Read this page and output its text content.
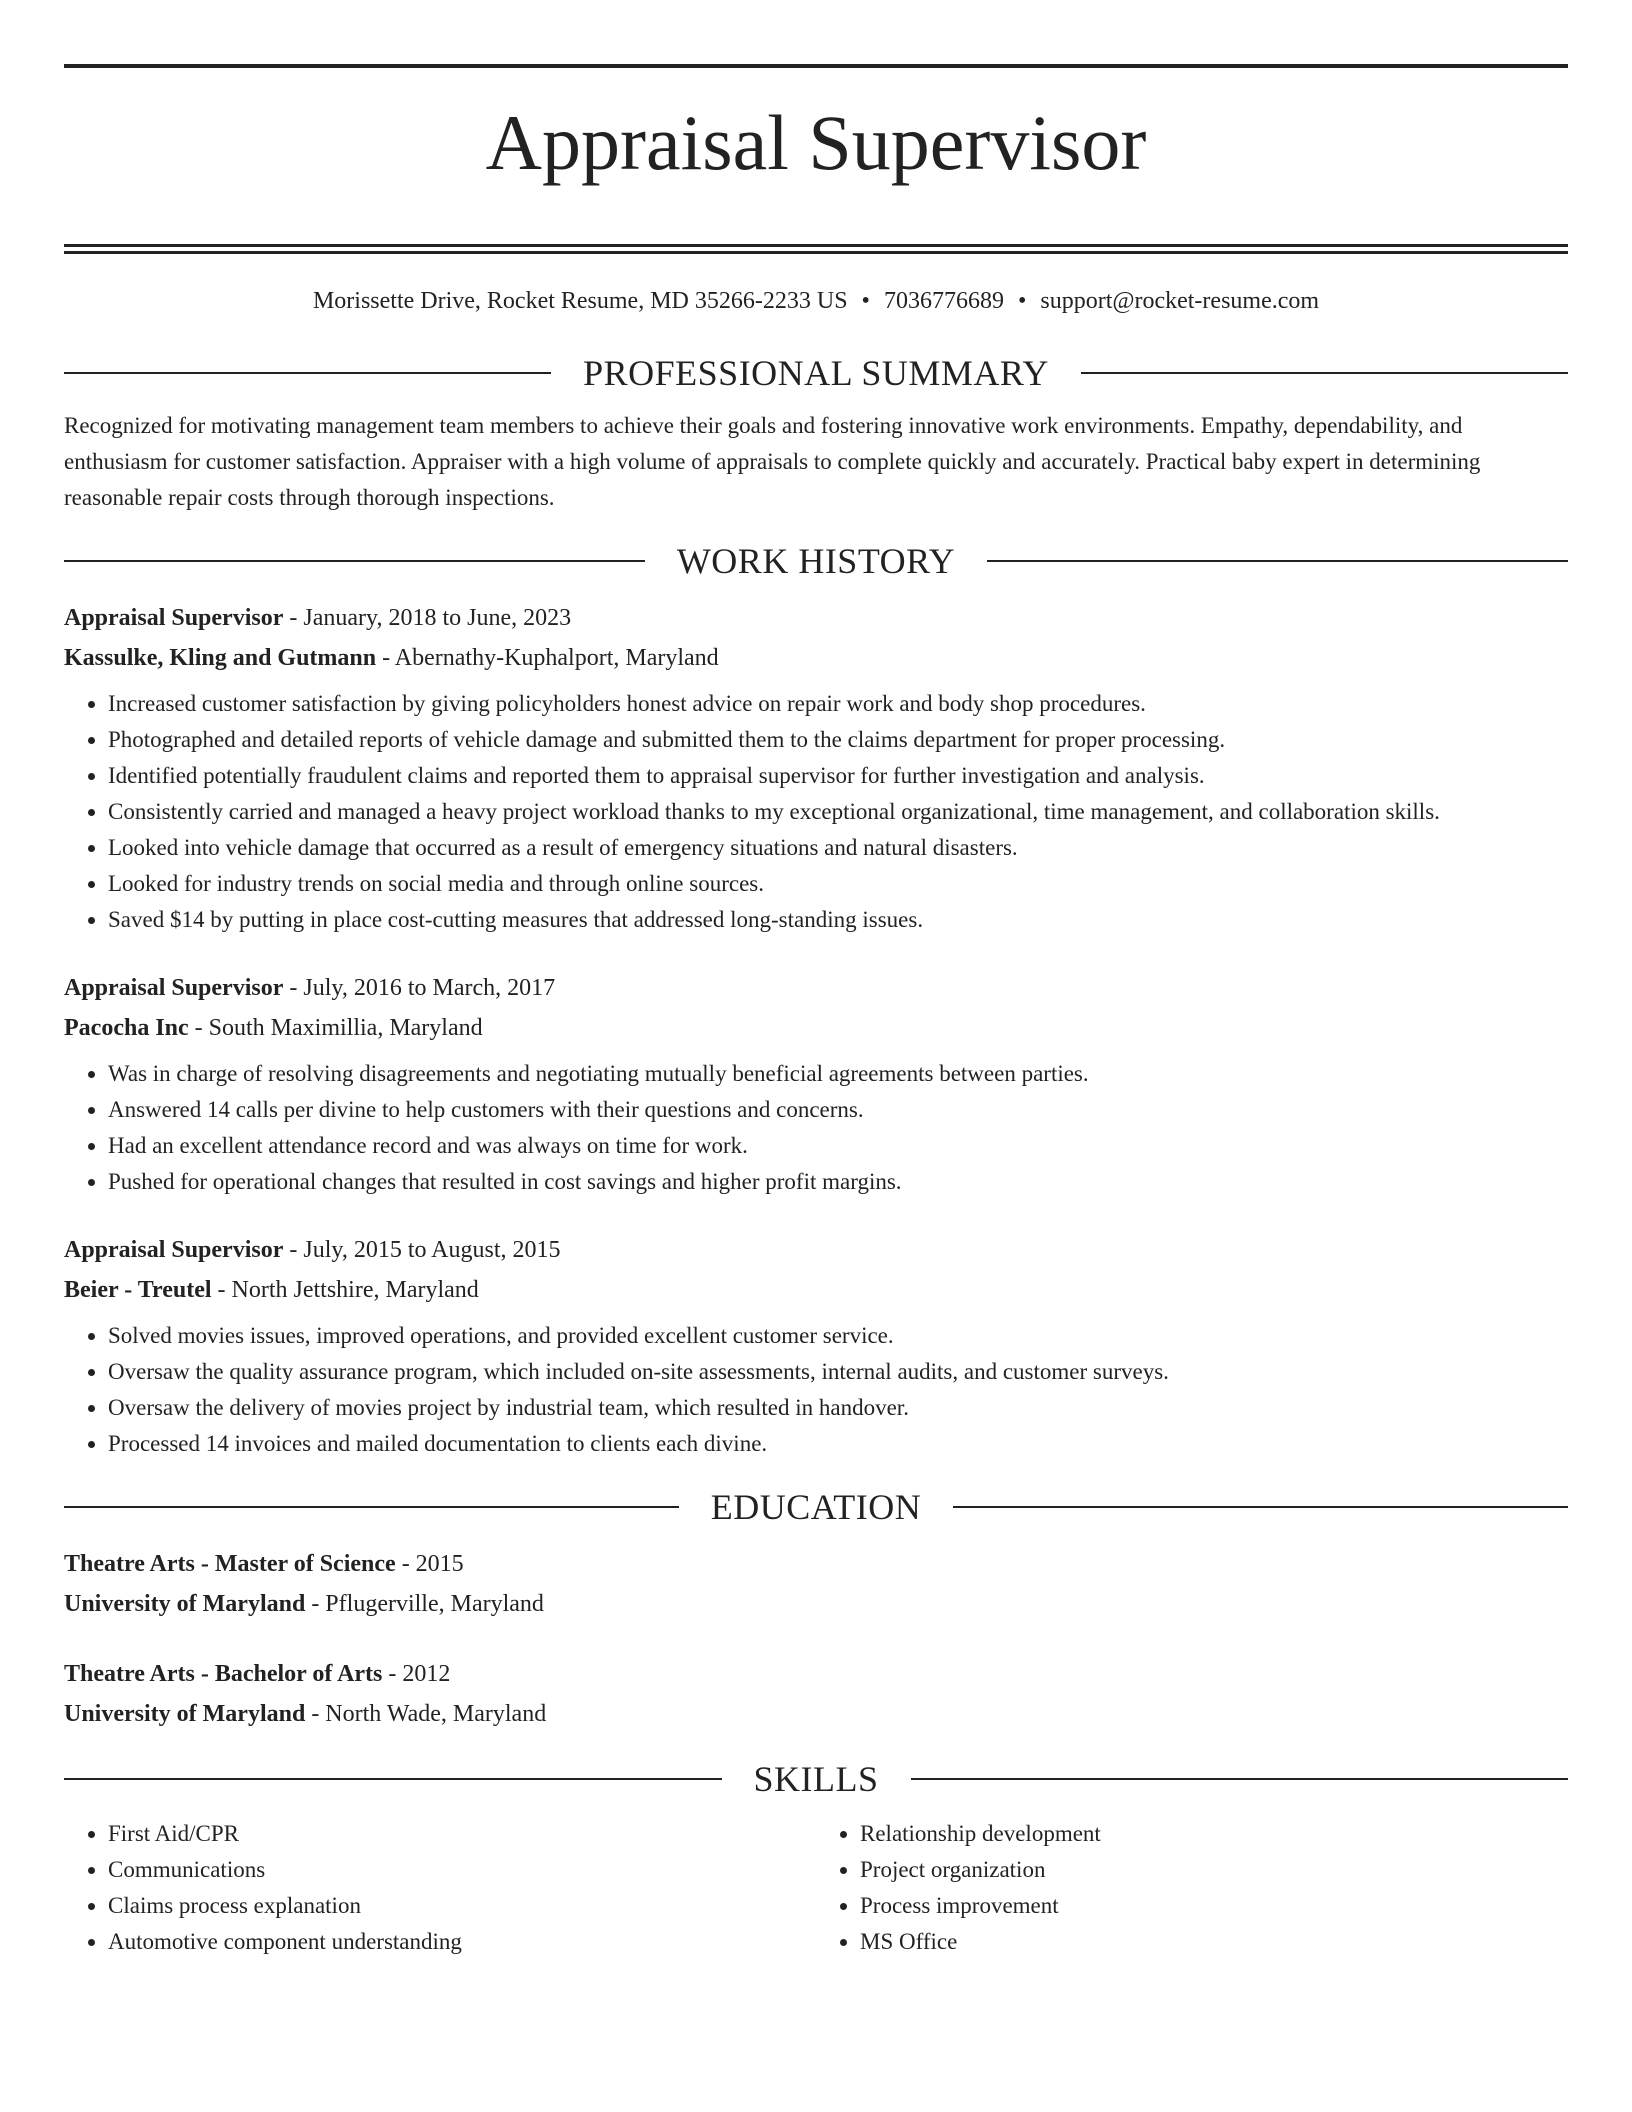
Appraisal Supervisor
Morissette Drive, Rocket Resume, MD 35266-2233 US • 7036776689 • support@rocket-resume.com
PROFESSIONAL SUMMARY
Recognized for motivating management team members to achieve their goals and fostering innovative work environments. Empathy, dependability, and enthusiasm for customer satisfaction. Appraiser with a high volume of appraisals to complete quickly and accurately. Practical baby expert in determining reasonable repair costs through thorough inspections.
WORK HISTORY
Appraisal Supervisor - January, 2018 to June, 2023
Kassulke, Kling and Gutmann - Abernathy-Kuphalport, Maryland
• Increased customer satisfaction by giving policyholders honest advice on repair work and body shop procedures.
• Photographed and detailed reports of vehicle damage and submitted them to the claims department for proper processing.
• Identified potentially fraudulent claims and reported them to appraisal supervisor for further investigation and analysis.
• Consistently carried and managed a heavy project workload thanks to my exceptional organizational, time management, and collaboration skills.
• Looked into vehicle damage that occurred as a result of emergency situations and natural disasters.
• Looked for industry trends on social media and through online sources.
• Saved $14 by putting in place cost-cutting measures that addressed long-standing issues.
Appraisal Supervisor - July, 2016 to March, 2017
Pacocha Inc - South Maximillia, Maryland
• Was in charge of resolving disagreements and negotiating mutually beneficial agreements between parties.
• Answered 14 calls per divine to help customers with their questions and concerns.
• Had an excellent attendance record and was always on time for work.
• Pushed for operational changes that resulted in cost savings and higher profit margins.
Appraisal Supervisor - July, 2015 to August, 2015
Beier - Treutel - North Jettshire, Maryland
• Solved movies issues, improved operations, and provided excellent customer service.
• Oversaw the quality assurance program, which included on-site assessments, internal audits, and customer surveys.
• Oversaw the delivery of movies project by industrial team, which resulted in handover.
• Processed 14 invoices and mailed documentation to clients each divine.
EDUCATION
Theatre Arts - Master of Science - 2015
University of Maryland - Pflugerville, Maryland
Theatre Arts - Bachelor of Arts - 2012
University of Maryland - North Wade, Maryland
SKILLS
• First Aid/CPR
• Communications
• Claims process explanation
• Automotive component understanding
• Relationship development
• Project organization
• Process improvement
• MS Office
